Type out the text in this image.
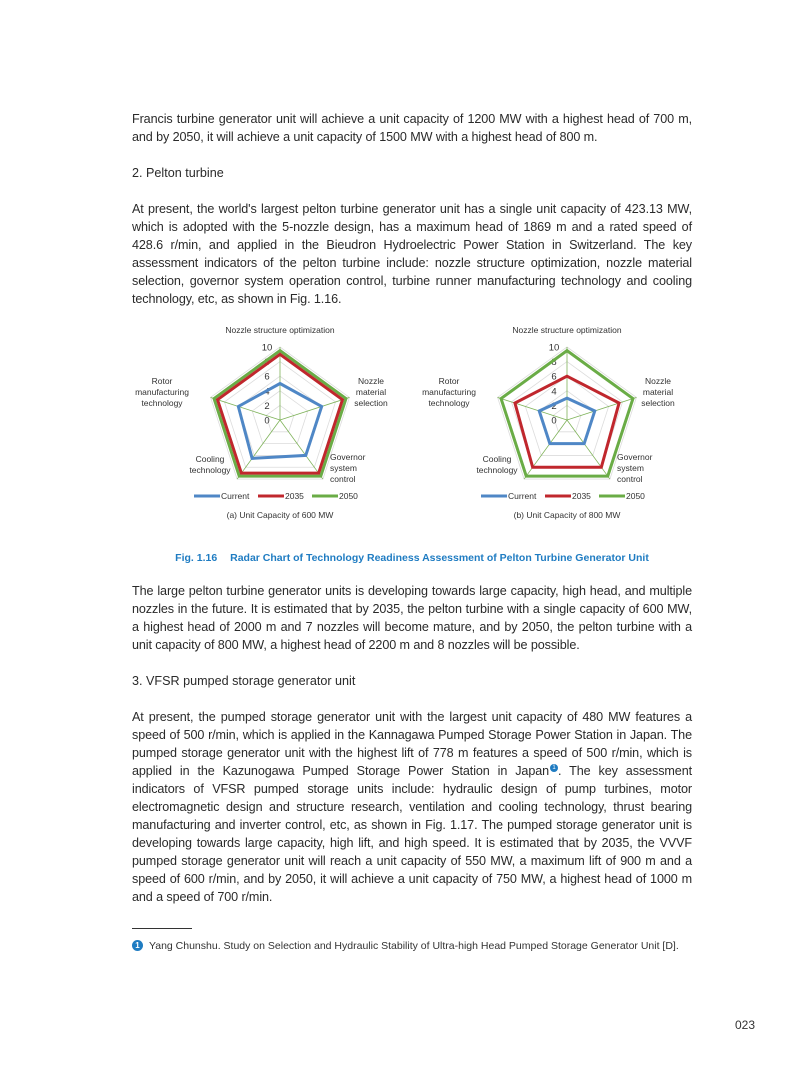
Francis turbine generator unit will achieve a unit capacity of 1200 MW with a highest head of 700 m, and by 2050, it will achieve a unit capacity of 1500 MW with a highest head of 800 m.

2. Pelton turbine

At present, the world's largest pelton turbine generator unit has a single unit capacity of 423.13 MW, which is adopted with the 5-nozzle design, has a maximum head of 1869 m and a rated speed of 428.6 r/min, and applied in the Bieudron Hydroelectric Power Station in Switzerland. The key assessment indicators of the pelton turbine include: nozzle structure optimization, nozzle material selection, governor system operation control, turbine runner manufacturing technology and cooling technology, etc, as shown in Fig. 1.16.

0
2
4
6
8
10
Nozzle structure optimization
Nozzle
material
selection
Governor
system
control
Cooling
technology
Rotor
manufacturing
technology
Current	2035	2050
(a) Unit Capacity of 600 MW
0
2
4
6
8
10
Nozzle structure optimization
Nozzle
material
selection
Governor
system
control
Cooling
technology
Rotor
manufacturing
technology
Current	2035	2050
(b) Unit Capacity of 800 MW
Fig. 1.16 Radar Chart of Technology Readiness Assessment of Pelton Turbine Generator Unit

The large pelton turbine generator units is developing towards large capacity, high head, and multiple nozzles in the future. It is estimated that by 2035, the pelton turbine with a single capacity of 600 MW, a highest head of 2000 m and 7 nozzles will become mature, and by 2050, the pelton turbine with a unit capacity of 800 MW, a highest head of 2200 m and 8 nozzles will be possible.

3. VFSR pumped storage generator unit

At present, the pumped storage generator unit with the largest unit capacity of 480 MW features a speed of 500 r/min, which is applied in the Kannagawa Pumped Storage Power Station in Japan. The pumped storage generator unit with the highest lift of 778 m features a speed of 500 r/min, which is applied in the Kazunogawa Pumped Storage Power Station in Japan $^1$ . The key assessment indicators of VFSR pumped storage units include: hydraulic design of pump turbines, motor electromagnetic design and structure research, ventilation and cooling technology, thrust bearing manufacturing and inverter control, etc, as shown in Fig. 1.17. The pumped storage generator unit is developing towards large capacity, high lift, and high speed. It is estimated that by 2035, the VVVF pumped storage generator unit will reach a unit capacity of 550 MW, a maximum lift of 900 m and a speed of 600 r/min, and by 2050, it will achieve a unit capacity of 750 MW, a highest head of 1000 m and a speed of 700 r/min.

1 Yang Chunshu. Study on Selection and Hydraulic Stability of Ultra-high Head Pumped Storage Generator Unit [D].
023
